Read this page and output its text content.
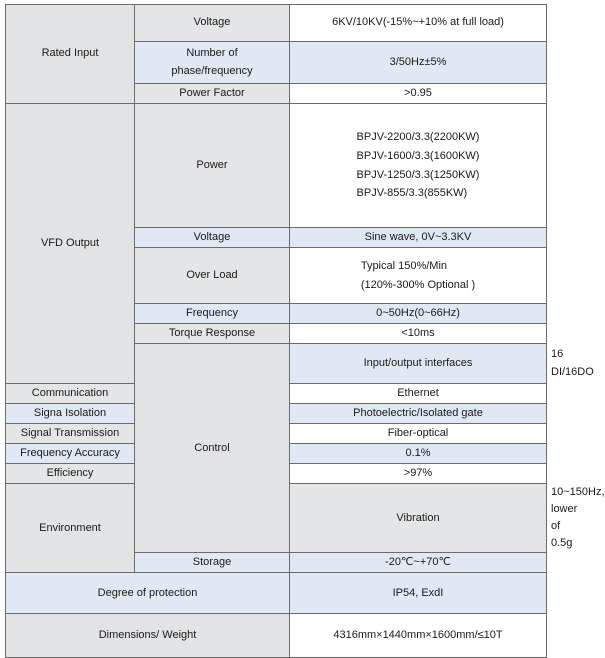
Rated Input	Voltage	6KV/10KV(-15%~+10% at full load)	
	Number of
phase/frequency	3/50Hz±5%	
	Power Factor	>0.95	
VFD Output	Power	BPJV-2200/3.3(2200KW)
BPJV-1600/3.3(1600KW)
BPJV-1250/3.3(1250KW)
BPJV-855/3.3(855KW)	
	Voltage	Sine wave, 0V~3.3KV	
	Over Load	Typical 150%/Min
(120%-300% Optional )	
	Frequency	0~50Hz(0~66Hz)	
	Torque Response	<10ms	
	Control	Input/output interfaces	16 DI/16DO
Communication		Ethernet	
Signa Isolation		Photoelectric/Isolated gate	
Signal Transmission		Fiber-optical	
Frequency Accuracy		0.1%	
Efficiency		>97%	
Environment		Vibration	10~150Hz, lower of 0.5g
	Storage	-20℃~+70℃	
Degree of protection		IP54, ExdI	
Dimensions/ Weight		4316mm×1440mm×1600mm/≤10T	
